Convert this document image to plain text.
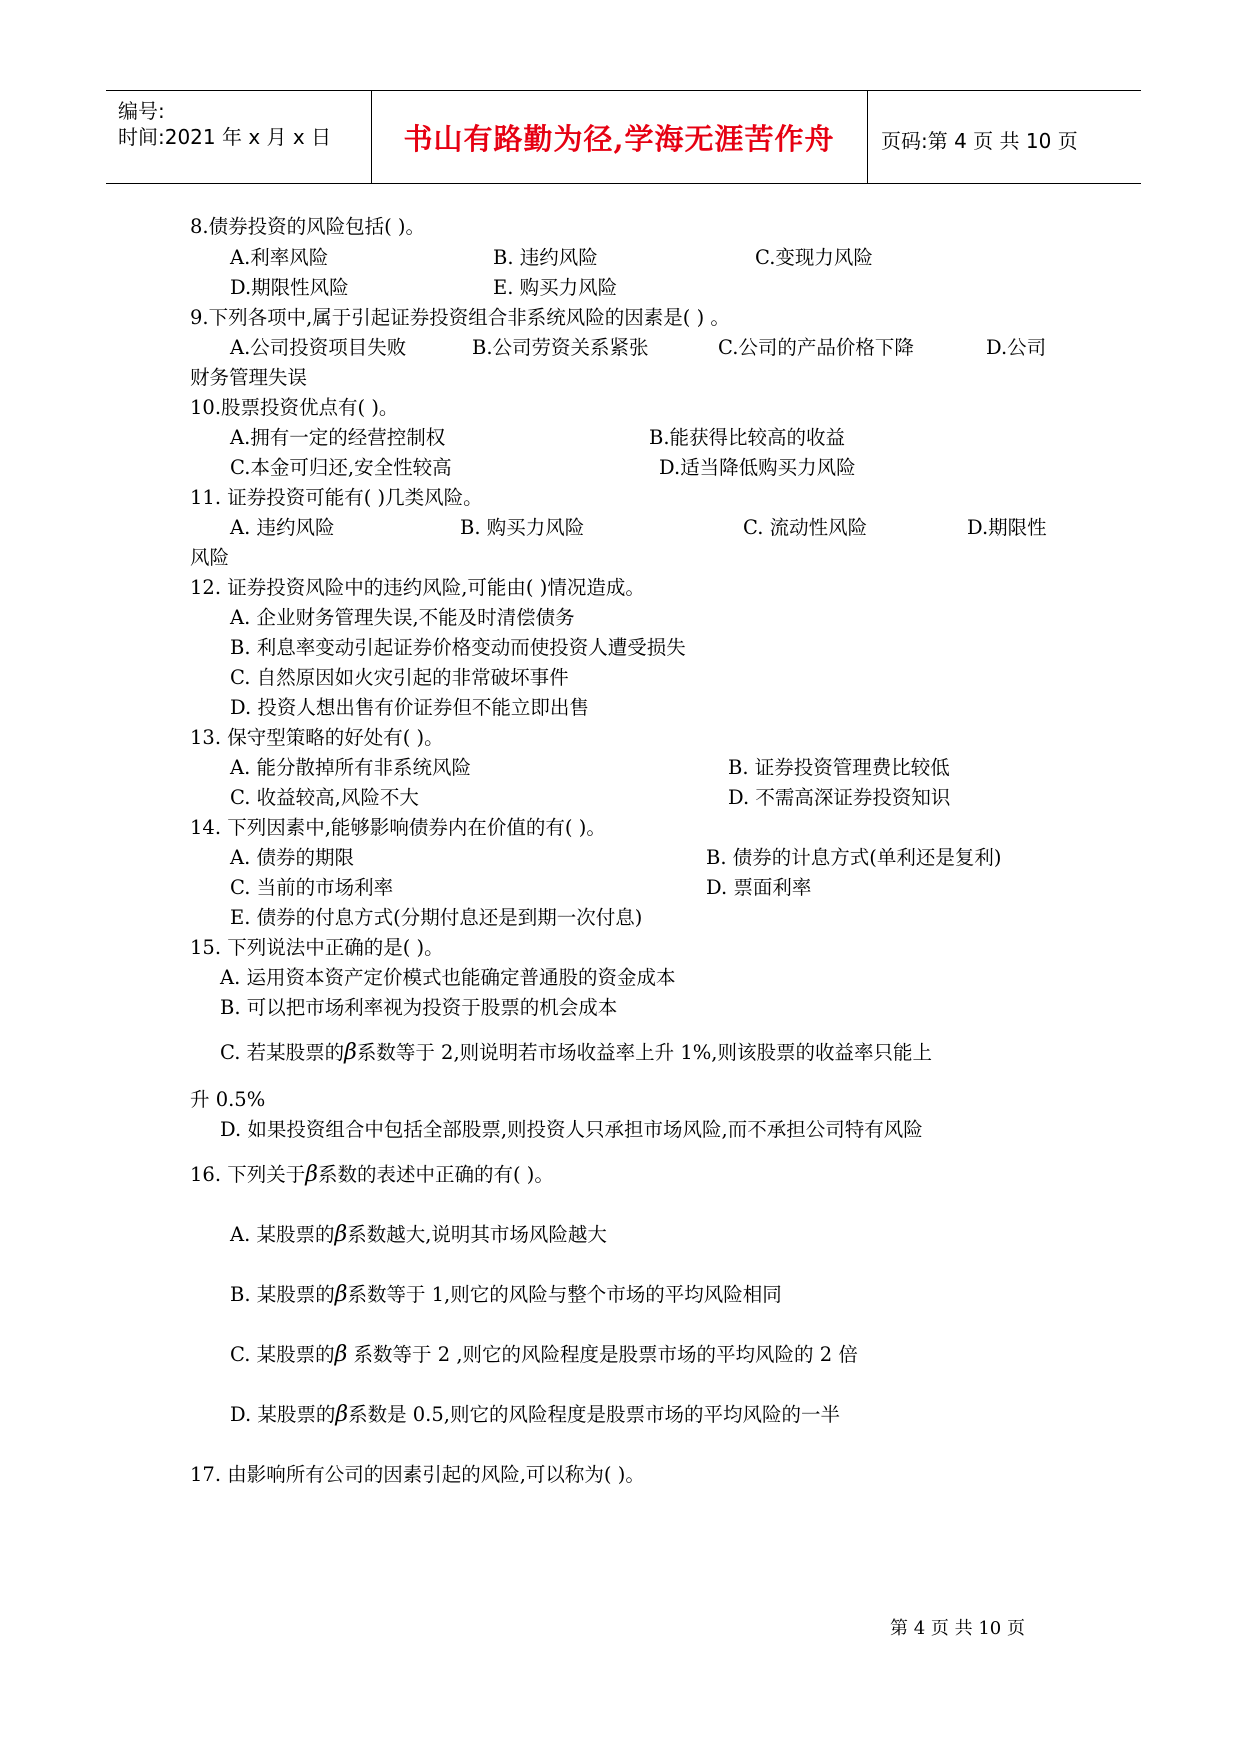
编号:
时间:2021 年 x 月 x 日	书山有路勤为径,学海无涯苦作舟	页码:第 4 页 共 10 页
8.债券投资的风险包括( )。
A.利率风险	B. 违约风险	C.变现力风险
D.期限性风险	E. 购买力风险
9.下列各项中,属于引起证券投资组合非系统风险的因素是( ) 。
A.公司投资项目失败	B.公司劳资关系紧张	C.公司的产品价格下降	D.公司
财务管理失误
10.股票投资优点有( )。
A.拥有一定的经营控制权	B.能获得比较高的收益
C.本金可归还,安全性较高	D.适当降低购买力风险
11. 证券投资可能有( )几类风险。
A. 违约风险	B. 购买力风险	C. 流动性风险	D.期限性
风险
12. 证券投资风险中的违约风险,可能由( )情况造成。
A. 企业财务管理失误,不能及时清偿债务
B. 利息率变动引起证券价格变动而使投资人遭受损失
C. 自然原因如火灾引起的非常破坏事件
D. 投资人想出售有价证券但不能立即出售
13. 保守型策略的好处有( )。
A. 能分散掉所有非系统风险	B. 证券投资管理费比较低
C. 收益较高,风险不大	D. 不需高深证券投资知识
14. 下列因素中,能够影响债券内在价值的有( )。
A. 债券的期限	B. 债券的计息方式(单利还是复利)
C. 当前的市场利率	D. 票面利率
E. 债券的付息方式(分期付息还是到期一次付息)
15. 下列说法中正确的是( )。
A. 运用资本资产定价模式也能确定普通股的资金成本
B. 可以把市场利率视为投资于股票的机会成本
C. 若某股票的β系数等于 2,则说明若市场收益率上升 1%,则该股票的收益率只能上
升 0.5%
D. 如果投资组合中包括全部股票,则投资人只承担市场风险,而不承担公司特有风险
16. 下列关于β系数的表述中正确的有( )。
A. 某股票的β系数越大,说明其市场风险越大
B. 某股票的β系数等于 1,则它的风险与整个市场的平均风险相同
C. 某股票的β 系数等于 2 ,则它的风险程度是股票市场的平均风险的 2 倍
D. 某股票的β系数是 0.5,则它的风险程度是股票市场的平均风险的一半
17. 由影响所有公司的因素引起的风险,可以称为( )。
第 4 页 共 10 页
